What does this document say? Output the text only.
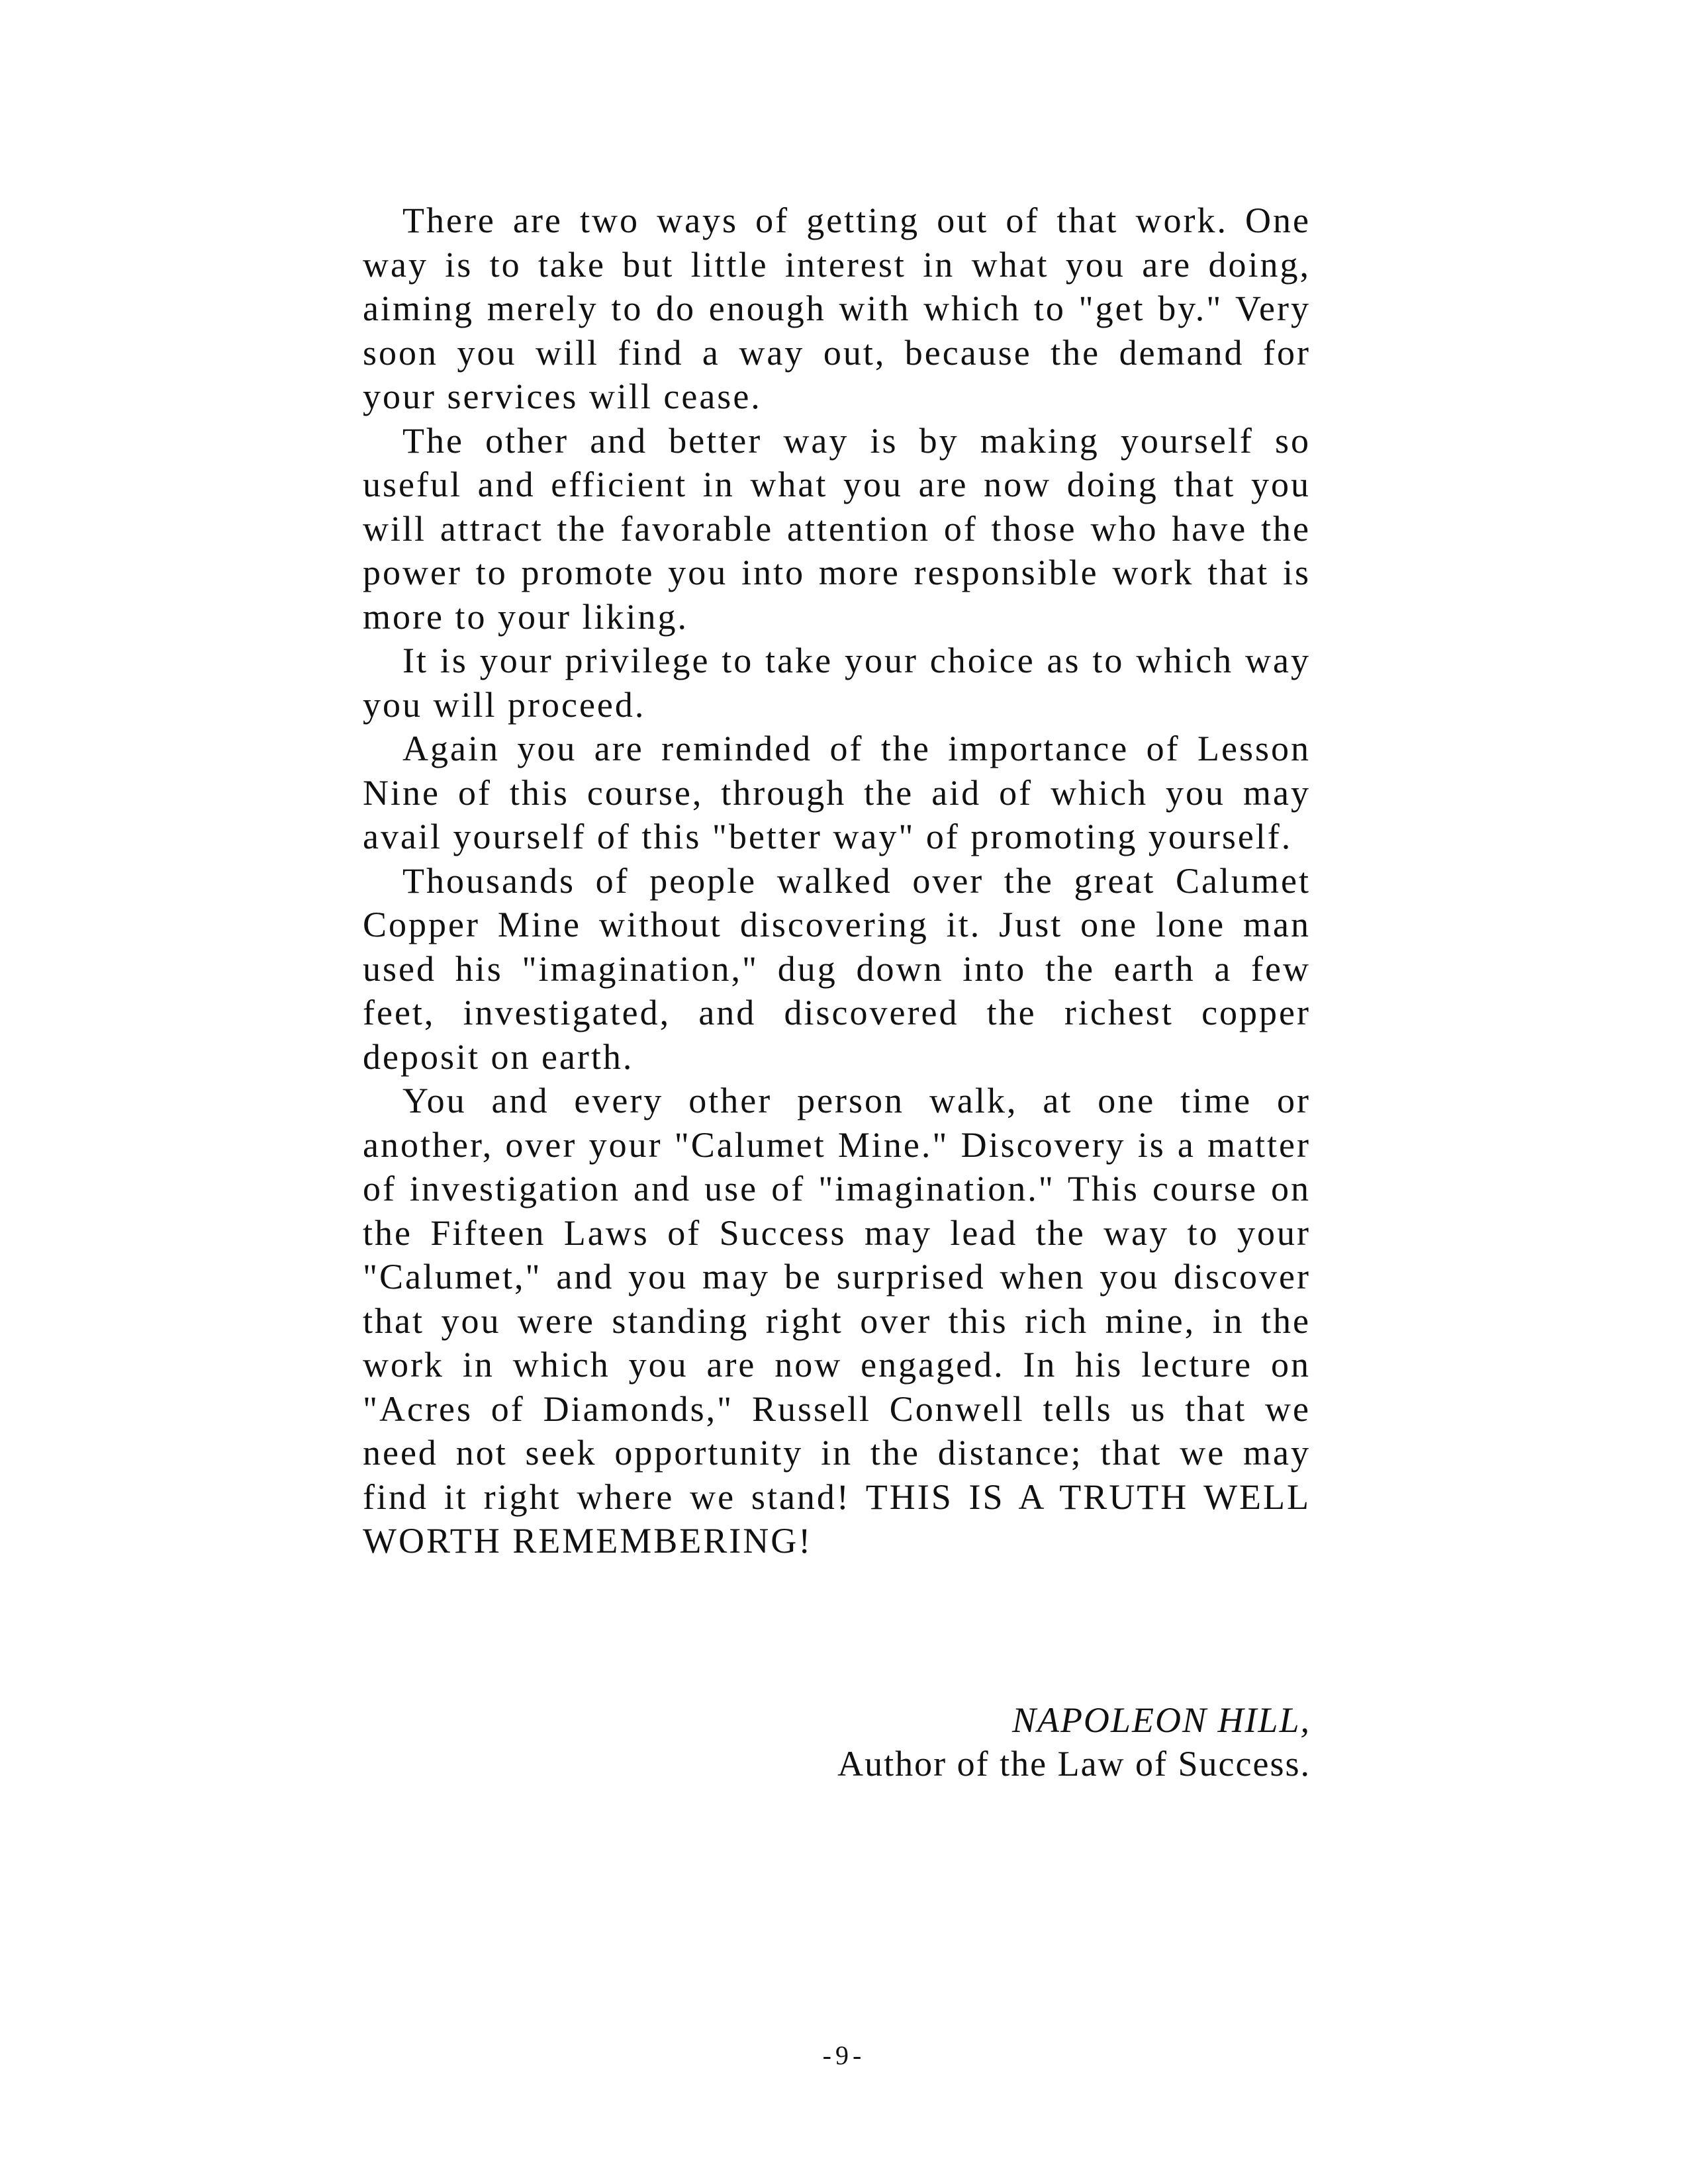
There are two ways of getting out of that work. One way is to take but little interest in what you are doing, aiming merely to do enough with which to "get by." Very soon you will find a way out, because the demand for your services will cease.

The other and better way is by making yourself so useful and efficient in what you are now doing that you will attract the favorable attention of those who have the power to promote you into more responsible work that is more to your liking.

It is your privilege to take your choice as to which way you will proceed.

Again you are reminded of the importance of Lesson Nine of this course, through the aid of which you may avail yourself of this "better way" of promoting yourself.

Thousands of people walked over the great Calumet Copper Mine without discovering it. Just one lone man used his "imagination," dug down into the earth a few feet, investigated, and discovered the richest copper deposit on earth.

You and every other person walk, at one time or another, over your "Calumet Mine." Discovery is a matter of investigation and use of "imagination." This course on the Fifteen Laws of Success may lead the way to your "Calumet," and you may be surprised when you discover that you were standing right over this rich mine, in the work in which you are now engaged. In his lecture on "Acres of Diamonds," Russell Conwell tells us that we need not seek opportunity in the distance; that we may find it right where we stand! THIS IS A TRUTH WELL WORTH REMEMBERING!

NAPOLEON HILL,
Author of the Law of Success.
-9-
